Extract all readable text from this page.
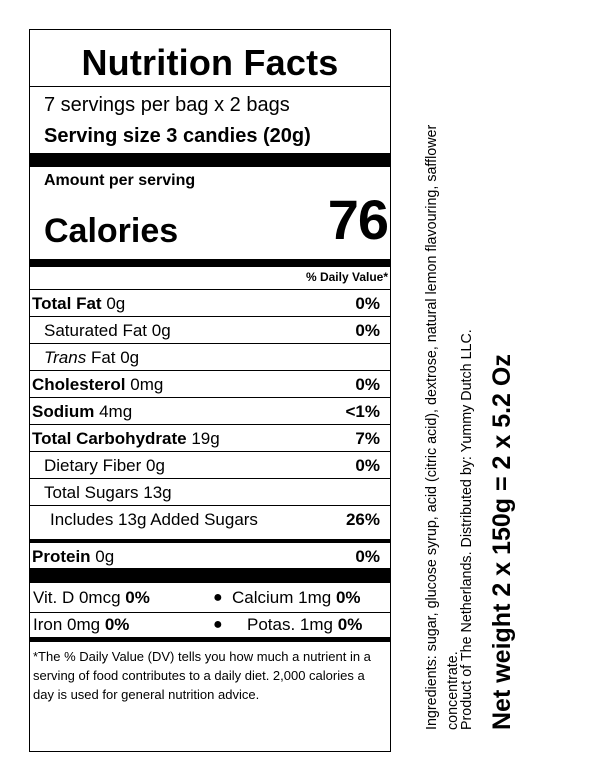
Nutrition Facts
7 servings per bag x 2 bags
Serving size 3 candies (20g)
Amount per serving
Calories	76
% Daily Value*
Total Fat 0g	0%
Saturated Fat 0g	0%
Trans Fat 0g
Cholesterol 0mg	0%
Sodium 4mg	<1%
Total Carbohydrate 19g	7%
Dietary Fiber 0g	0%
Total Sugars 13g
Includes 13g Added Sugars	26%
Protein 0g	0%
Vit. D 0mcg 0%	● Calcium 1mg 0%
Iron 0mg 0%	● Potas. 1mg 0%
*The % Daily Value (DV) tells you how much a nutrient in a serving of food contributes to a daily diet. 2,000 calories a day is used for general nutrition advice.	Ingredients: sugar, glucose syrup, acid (citric acid), dextrose, natural lemon flavouring, safflower concentrate.
Product of The Netherlands. Distributed by: Yummy Dutch LLC. Net weight 2 x 150g = 2 x 5.2 Oz
